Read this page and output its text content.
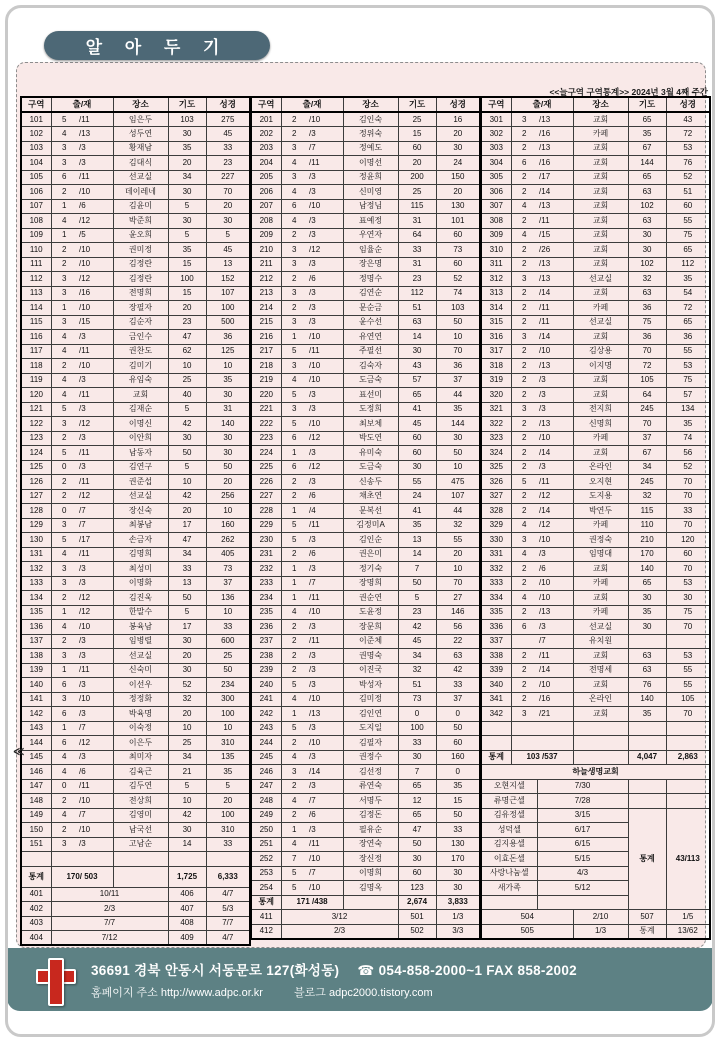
알 아 두 기
<<늘구역 구역통계>> 2024년 3월 4째 주간
≪
구역	출/재		장소	기도	성경
101	5	/11	임은두	103	275
102	4	/13	성두연	30	45
103	3	/3	황재남	35	33
104	3	/3	김대식	20	23
105	6	/11	선교실	34	227
106	2	/10	데이레네	30	70
107	1	/6	김윤미	5	20
108	4	/12	박준희	30	30
109	1	/5	윤오희	5	5
110	2	/10	권미정	35	45
111	2	/10	김정란	15	13
112	3	/12	김정란	100	152
113	3	/16	전명희	15	107
114	1	/10	장필자	20	100
115	3	/15	김순자	23	500
116	4	/3	금인수	47	36
117	4	/11	권찬도	62	125
118	2	/10	김미기	10	10
119	4	/3	유임숙	25	35
120	4	/11	교회	40	30
121	5	/3	김재순	5	31
122	3	/12	이명신	42	140
123	2	/3	이안희	30	30
124	5	/11	남동자	50	30
125	0	/3	김연구	5	50
126	2	/11	권준섭	10	20
127	2	/12	선교실	42	256
128	0	/7	장신숙	20	10
129	3	/7	최봉남	17	160
130	5	/17	손금자	47	262
131	4	/11	김명희	34	405
132	3	/3	최성미	33	73
133	3	/3	이명화	13	37
134	2	/12	김진욱	50	136
135	1	/12	한말수	5	10
136	4	/10	봉육남	17	33
137	2	/3	임병렬	30	600
138	3	/3	선교실	20	25
139	1	/11	신숙미	30	50
140	6	/3	이선우	52	234
141	3	/10	정정화	32	300
142	6	/3	박육명	20	100
143	1	/7	이숙정	10	10
144	6	/12	이은두	25	310
145	4	/3	최미자	34	135
146	4	/6	김육근	21	35
147	0	/11	김두연	5	5
148	2	/10	전상희	10	20
149	4	/7	김영미	42	100
150	2	/10	남국선	30	310
151	3	/3	고남순	14	33

통계	170/ 503			1,725	6,333
401	10/11			406	4/7
402	2/3			407	5/3
403	7/7			408	7/7
404	7/12			409	4/7
구역	출/재		장소	기도	성경
201	2	/10	김인숙	25	16
202	2	/3	정위숙	15	20
203	3	/7	정예도	60	30
204	4	/11	이명선	20	24
205	3	/3	정윤희	200	150
206	4	/3	신미영	25	20
207	6	/10	남정님	115	130
208	4	/3	표예정	31	101
209	2	/3	우연자	64	60
210	3	/12	임율순	33	73
211	3	/3	장은명	31	60
212	2	/6	정명수	23	52
213	3	/3	김연순	112	74
214	2	/3	문순금	51	103
215	3	/3	윤수선	63	50
216	1	/10	유연연	14	10
217	5	/11	주필선	30	70
218	3	/10	김숙자	43	36
219	4	/10	도금숙	57	37
220	5	/3	표선미	65	44
221	3	/3	도정희	41	35
222	5	/10	최보체	45	144
223	6	/12	박도연	60	30
224	1	/3	유미숙	60	50
225	6	/12	도금숙	30	10
226	2	/3	신송두	55	475
227	2	/6	채초연	24	107
228	1	/4	문복선	41	44
229	5	/11	김정미A	35	32
230	5	/3	김인순	13	55
231	2	/6	권은미	14	20
232	1	/3	정기숙	7	10
233	1	/7	장명희	50	70
234	1	/11	권순연	5	27
235	4	/10	도윤정	23	146
236	2	/3	장문희	42	56
237	2	/11	이준체	45	22
238	2	/3	권명숙	34	63
239	2	/3	이진국	32	42
240	5	/3	박성자	51	33
241	4	/10	김미정	73	37
242	1	/13	김인연	0	0
243	5	/3	도지일	100	50
244	2	/10	김필자	33	60
245	4	/3	권정수	30	160
246	3	/14	김선정	7	0
247	2	/3	류연숙	65	35
248	4	/7	서명두	12	15
249	2	/6	김정돈	65	50
250	1	/3	필유순	47	33
251	4	/11	장연숙	50	130
252	7	/10	장신정	30	170
253	5	/7	이명희	60	30
254	5	/10	김명옥	123	30
통계	171 /438			2,674	3,833
411	3/12			501	1/3
412	2/3			502	3/3
구역	출/재		장소	기도	성경
301	3	/13	교회	65	43
302	2	/16	카페	35	72
303	2	/13	교회	67	53
304	6	/16	교회	144	76
305	2	/17	교회	65	52
306	2	/14	교회	63	51
307	4	/13	교회	102	60
308	2	/11	교회	63	55
309	4	/15	교회	30	75
310	2	/26	교회	30	65
311	2	/13	교회	102	112
312	3	/13	선교실	32	35
313	2	/14	교회	63	54
314	2	/11	카페	36	72
315	2	/11	선교실	75	65
316	3	/14	교회	36	36
317	2	/10	김상용	70	55
318	2	/13	이지명	72	53
319	2	/3	교회	105	75
320	2	/3	교회	64	57
321	3	/3	전지희	245	134
322	2	/13	신명희	70	35
323	2	/10	카페	37	74
324	2	/14	교회	67	56
325	2	/3	온라인	34	52
326	5	/11	오지현	245	70
327	2	/12	도지용	32	70
328	2	/14	박연두	115	33
329	4	/12	카페	110	70
330	3	/10	권정숙	210	120
331	4	/3	임명대	170	60
332	2	/6	교회	140	70
333	2	/10	카페	65	53
334	4	/10	교회	30	30
335	2	/13	카페	35	75
336	6	/3	선교실	30	70
337		/7	유치원		
338	2	/11	교회	63	53
339	2	/14	전명세	63	55
340	2	/10	교회	76	55
341	2	/16	온라인	140	105
342	3	/21	교회	35	70

통계	103 /537			4,047	2,863
하늘생명교회					
오현지셀		7/30			
류명근셀		7/28			
김유정셀		3/15		통계	43/113
성덕셀		6/17			
김지용셀		6/15			
이효돈셀		5/15			
사랑나눔셀		4/3			
새가족		5/12			

504			2/10	507	1/5
505			1/3	통계	13/62
36691 경북 안동시 서동문로 127(화성동) ☎ 054-858-2000~1 FAX 858-2002
홈페이지 주소 http://www.adpc.or.kr	블로그 adpc2000.tistory.com
